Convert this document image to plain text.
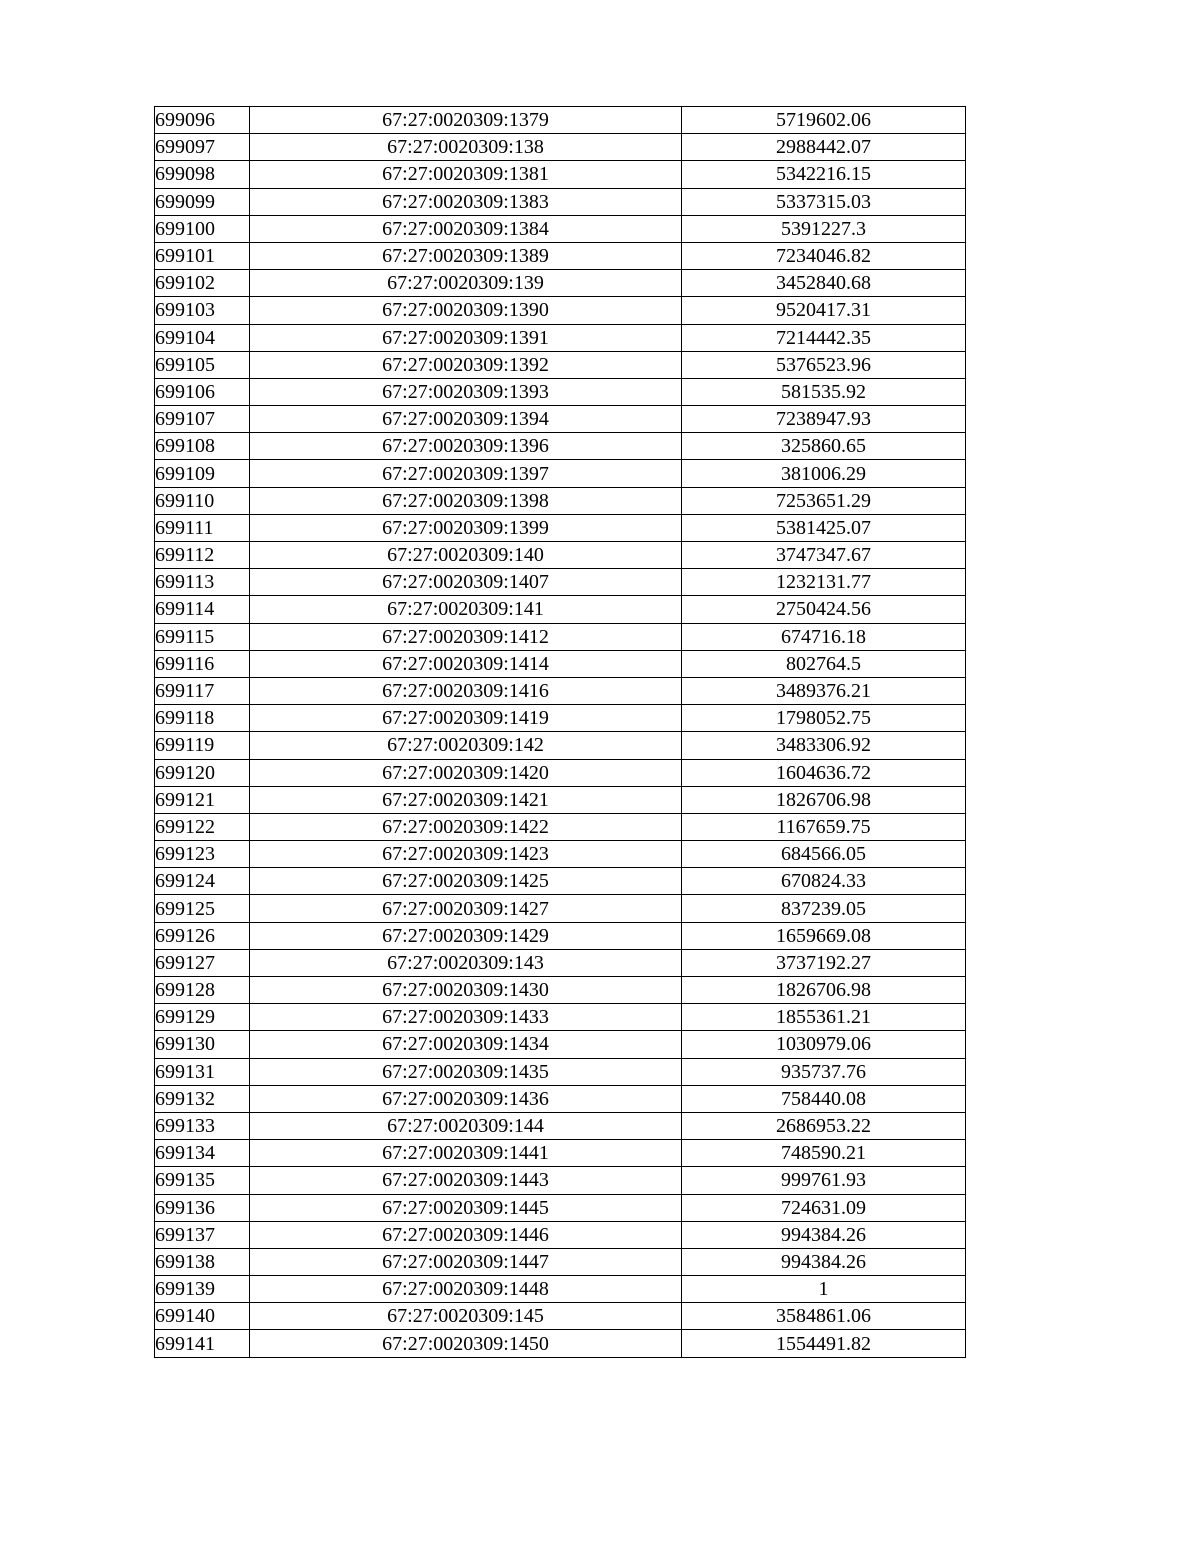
699096	67:27:0020309:1379	5719602.06
699097	67:27:0020309:138	2988442.07
699098	67:27:0020309:1381	5342216.15
699099	67:27:0020309:1383	5337315.03
699100	67:27:0020309:1384	5391227.3
699101	67:27:0020309:1389	7234046.82
699102	67:27:0020309:139	3452840.68
699103	67:27:0020309:1390	9520417.31
699104	67:27:0020309:1391	7214442.35
699105	67:27:0020309:1392	5376523.96
699106	67:27:0020309:1393	581535.92
699107	67:27:0020309:1394	7238947.93
699108	67:27:0020309:1396	325860.65
699109	67:27:0020309:1397	381006.29
699110	67:27:0020309:1398	7253651.29
699111	67:27:0020309:1399	5381425.07
699112	67:27:0020309:140	3747347.67
699113	67:27:0020309:1407	1232131.77
699114	67:27:0020309:141	2750424.56
699115	67:27:0020309:1412	674716.18
699116	67:27:0020309:1414	802764.5
699117	67:27:0020309:1416	3489376.21
699118	67:27:0020309:1419	1798052.75
699119	67:27:0020309:142	3483306.92
699120	67:27:0020309:1420	1604636.72
699121	67:27:0020309:1421	1826706.98
699122	67:27:0020309:1422	1167659.75
699123	67:27:0020309:1423	684566.05
699124	67:27:0020309:1425	670824.33
699125	67:27:0020309:1427	837239.05
699126	67:27:0020309:1429	1659669.08
699127	67:27:0020309:143	3737192.27
699128	67:27:0020309:1430	1826706.98
699129	67:27:0020309:1433	1855361.21
699130	67:27:0020309:1434	1030979.06
699131	67:27:0020309:1435	935737.76
699132	67:27:0020309:1436	758440.08
699133	67:27:0020309:144	2686953.22
699134	67:27:0020309:1441	748590.21
699135	67:27:0020309:1443	999761.93
699136	67:27:0020309:1445	724631.09
699137	67:27:0020309:1446	994384.26
699138	67:27:0020309:1447	994384.26
699139	67:27:0020309:1448	1
699140	67:27:0020309:145	3584861.06
699141	67:27:0020309:1450	1554491.82
